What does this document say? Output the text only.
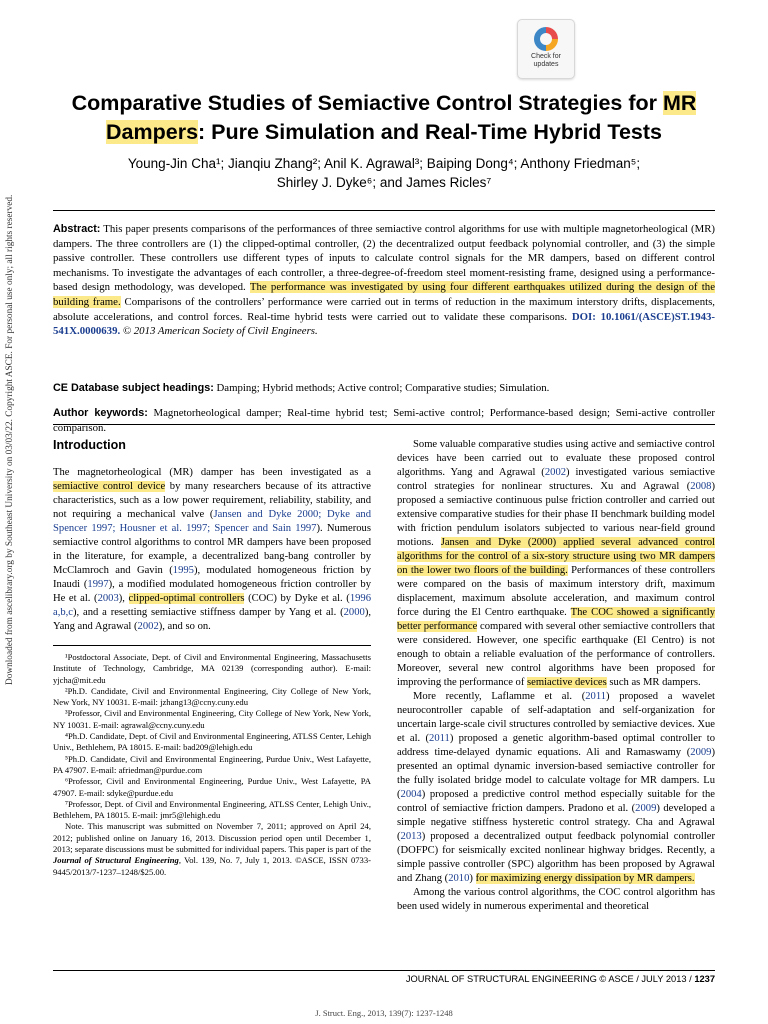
Downloaded from ascelibrary.org by Southeast University on 03/03/22. Copyright ASCE. For personal use only; all rights reserved.
Check for
updates
Comparative Studies of Semiactive Control Strategies for MR
Dampers: Pure Simulation and Real-Time Hybrid Tests
Young-Jin Cha¹; Jianqiu Zhang²; Anil K. Agrawal³; Baiping Dong⁴; Anthony Friedman⁵;
Shirley J. Dyke⁶; and James Ricles⁷
Abstract: This paper presents comparisons of the performances of three semiactive control algorithms for use with multiple magnetorheological (MR) dampers. The three controllers are (1) the clipped-optimal controller, (2) the decentralized output feedback polynomial controller, and (3) the simple passive controller. These controllers use different types of inputs to calculate control signals for the MR dampers, based on different control mechanisms. To investigate the advantages of each controller, a three-degree-of-freedom steel moment-resisting frame, designed using a performance-based design methodology, was developed. The performance was investigated by using four different earthquakes utilized during the design of the building frame. Comparisons of the controllers’ performance were carried out in terms of reduction in the maximum interstory drifts, displacements, absolute accelerations, and control forces. Real-time hybrid tests were carried out to validate these comparisons. DOI: 10.1061/(ASCE)ST.1943-541X.0000639. © 2013 American Society of Civil Engineers.
CE Database subject headings: Damping; Hybrid methods; Active control; Comparative studies; Simulation.
Author keywords: Magnetorheological damper; Real-time hybrid test; Semi-active control; Performance-based design; Semi-active controller comparison.
Introduction

The magnetorheological (MR) damper has been investigated as a semiactive control device by many researchers because of its attractive characteristics, such as a low power requirement, reliability, stability, and not requiring a mechanical valve (Jansen and Dyke 2000; Dyke and Spencer 1997; Housner et al. 1997; Spencer and Sain 1997). Numerous semiactive control algorithms to control MR dampers have been proposed in the literature, for example, a decentralized bang-bang controller by McClamroch and Gavin (1995), modulated homogeneous friction by Inaudi (1997), a modified modulated homogeneous friction controller by He et al. (2003), clipped-optimal controllers (COC) by Dyke et al. (1996 a,b,c), and a resetting semiactive stiffness damper by Yang et al. (2000), Yang and Agrawal (2002), and so on.

¹Postdoctoral Associate, Dept. of Civil and Environmental Engineering, Massachusetts Institute of Technology, Cambridge, MA 02139 (corresponding author). E-mail: yjcha@mit.edu

²Ph.D. Candidate, Civil and Environmental Engineering, City College of New York, New York, NY 10031. E-mail: jzhang13@ccny.cuny.edu

³Professor, Civil and Environmental Engineering, City College of New York, New York, NY 10031. E-mail: agrawal@ccny.cuny.edu

⁴Ph.D. Candidate, Dept. of Civil and Environmental Engineering, ATLSS Center, Lehigh Univ., Bethlehem, PA 18015. E-mail: bad209@lehigh.edu

⁵Ph.D. Candidate, Civil and Environmental Engineering, Purdue Univ., West Lafayette, PA 47907. E-mail: afriedman@purdue.com

⁶Professor, Civil and Environmental Engineering, Purdue Univ., West Lafayette, PA 47907. E-mail: sdyke@purdue.edu

⁷Professor, Dept. of Civil and Environmental Engineering, ATLSS Center, Lehigh Univ., Bethlehem, PA 18015. E-mail: jmr5@lehigh.edu

Note. This manuscript was submitted on November 7, 2011; approved on April 24, 2012; published online on January 16, 2013. Discussion period open until December 1, 2013; separate discussions must be submitted for individual papers. This paper is part of the Journal of Structural Engineering, Vol. 139, No. 7, July 1, 2013. ©ASCE, ISSN 0733-9445/2013/7-1237–1248/$25.00.

Some valuable comparative studies using active and semiactive control devices have been carried out to evaluate these proposed control algorithms. Yang and Agrawal (2002) investigated various semiactive control strategies for nonlinear structures. Xu and Agrawal (2008) proposed a semiactive continuous pulse friction controller and carried out extensive comparative studies for their phase II benchmark building model with friction pendulum isolators subjected to various near-field ground motions. Jansen and Dyke (2000) applied several advanced control algorithms for the control of a six-story structure using two MR dampers on the lower two floors of the building. Performances of these controllers were compared on the basis of maximum interstory drift, maximum displacement, maximum absolute acceleration, and maximum control force during the El Centro earthquake. The COC showed a significantly better performance compared with several other semiactive controllers that were considered. However, one specific earthquake (El Centro) is not enough to obtain a reliable evaluation of the performance of controllers. Moreover, several new control algorithms have been proposed for improving the performance of semiactive devices such as MR dampers.

More recently, Laflamme et al. (2011) proposed a wavelet neurocontroller capable of self-adaptation and self-organization for uncertain large-scale civil structures controlled by semiactive devices. Xue et al. (2011) proposed a genetic algorithm-based optimal controller to address time-delayed dynamic equations. Ali and Ramaswamy (2009) presented an optimal dynamic inversion-based semiactive controller for the fully isolated bridge model to calculate voltage for MR dampers. Lu (2004) proposed a predictive control method especially suitable for the control of semiactive friction dampers. Pradono et al. (2009) developed a simple negative stiffness hysteretic control strategy. Cha and Agrawal (2013) proposed a decentralized output feedback polynomial controller (DOFPC) for seismically excited nonlinear highway bridges. Recently, a simple passive controller (SPC) algorithm has been proposed by Agrawal and Zhang (2010) for maximizing energy dissipation by MR dampers.

Among the various control algorithms, the COC control algorithm has been used widely in numerous experimental and theoretical

JOURNAL OF STRUCTURAL ENGINEERING © ASCE / JULY 2013 / 1237
J. Struct. Eng., 2013, 139(7): 1237-1248
